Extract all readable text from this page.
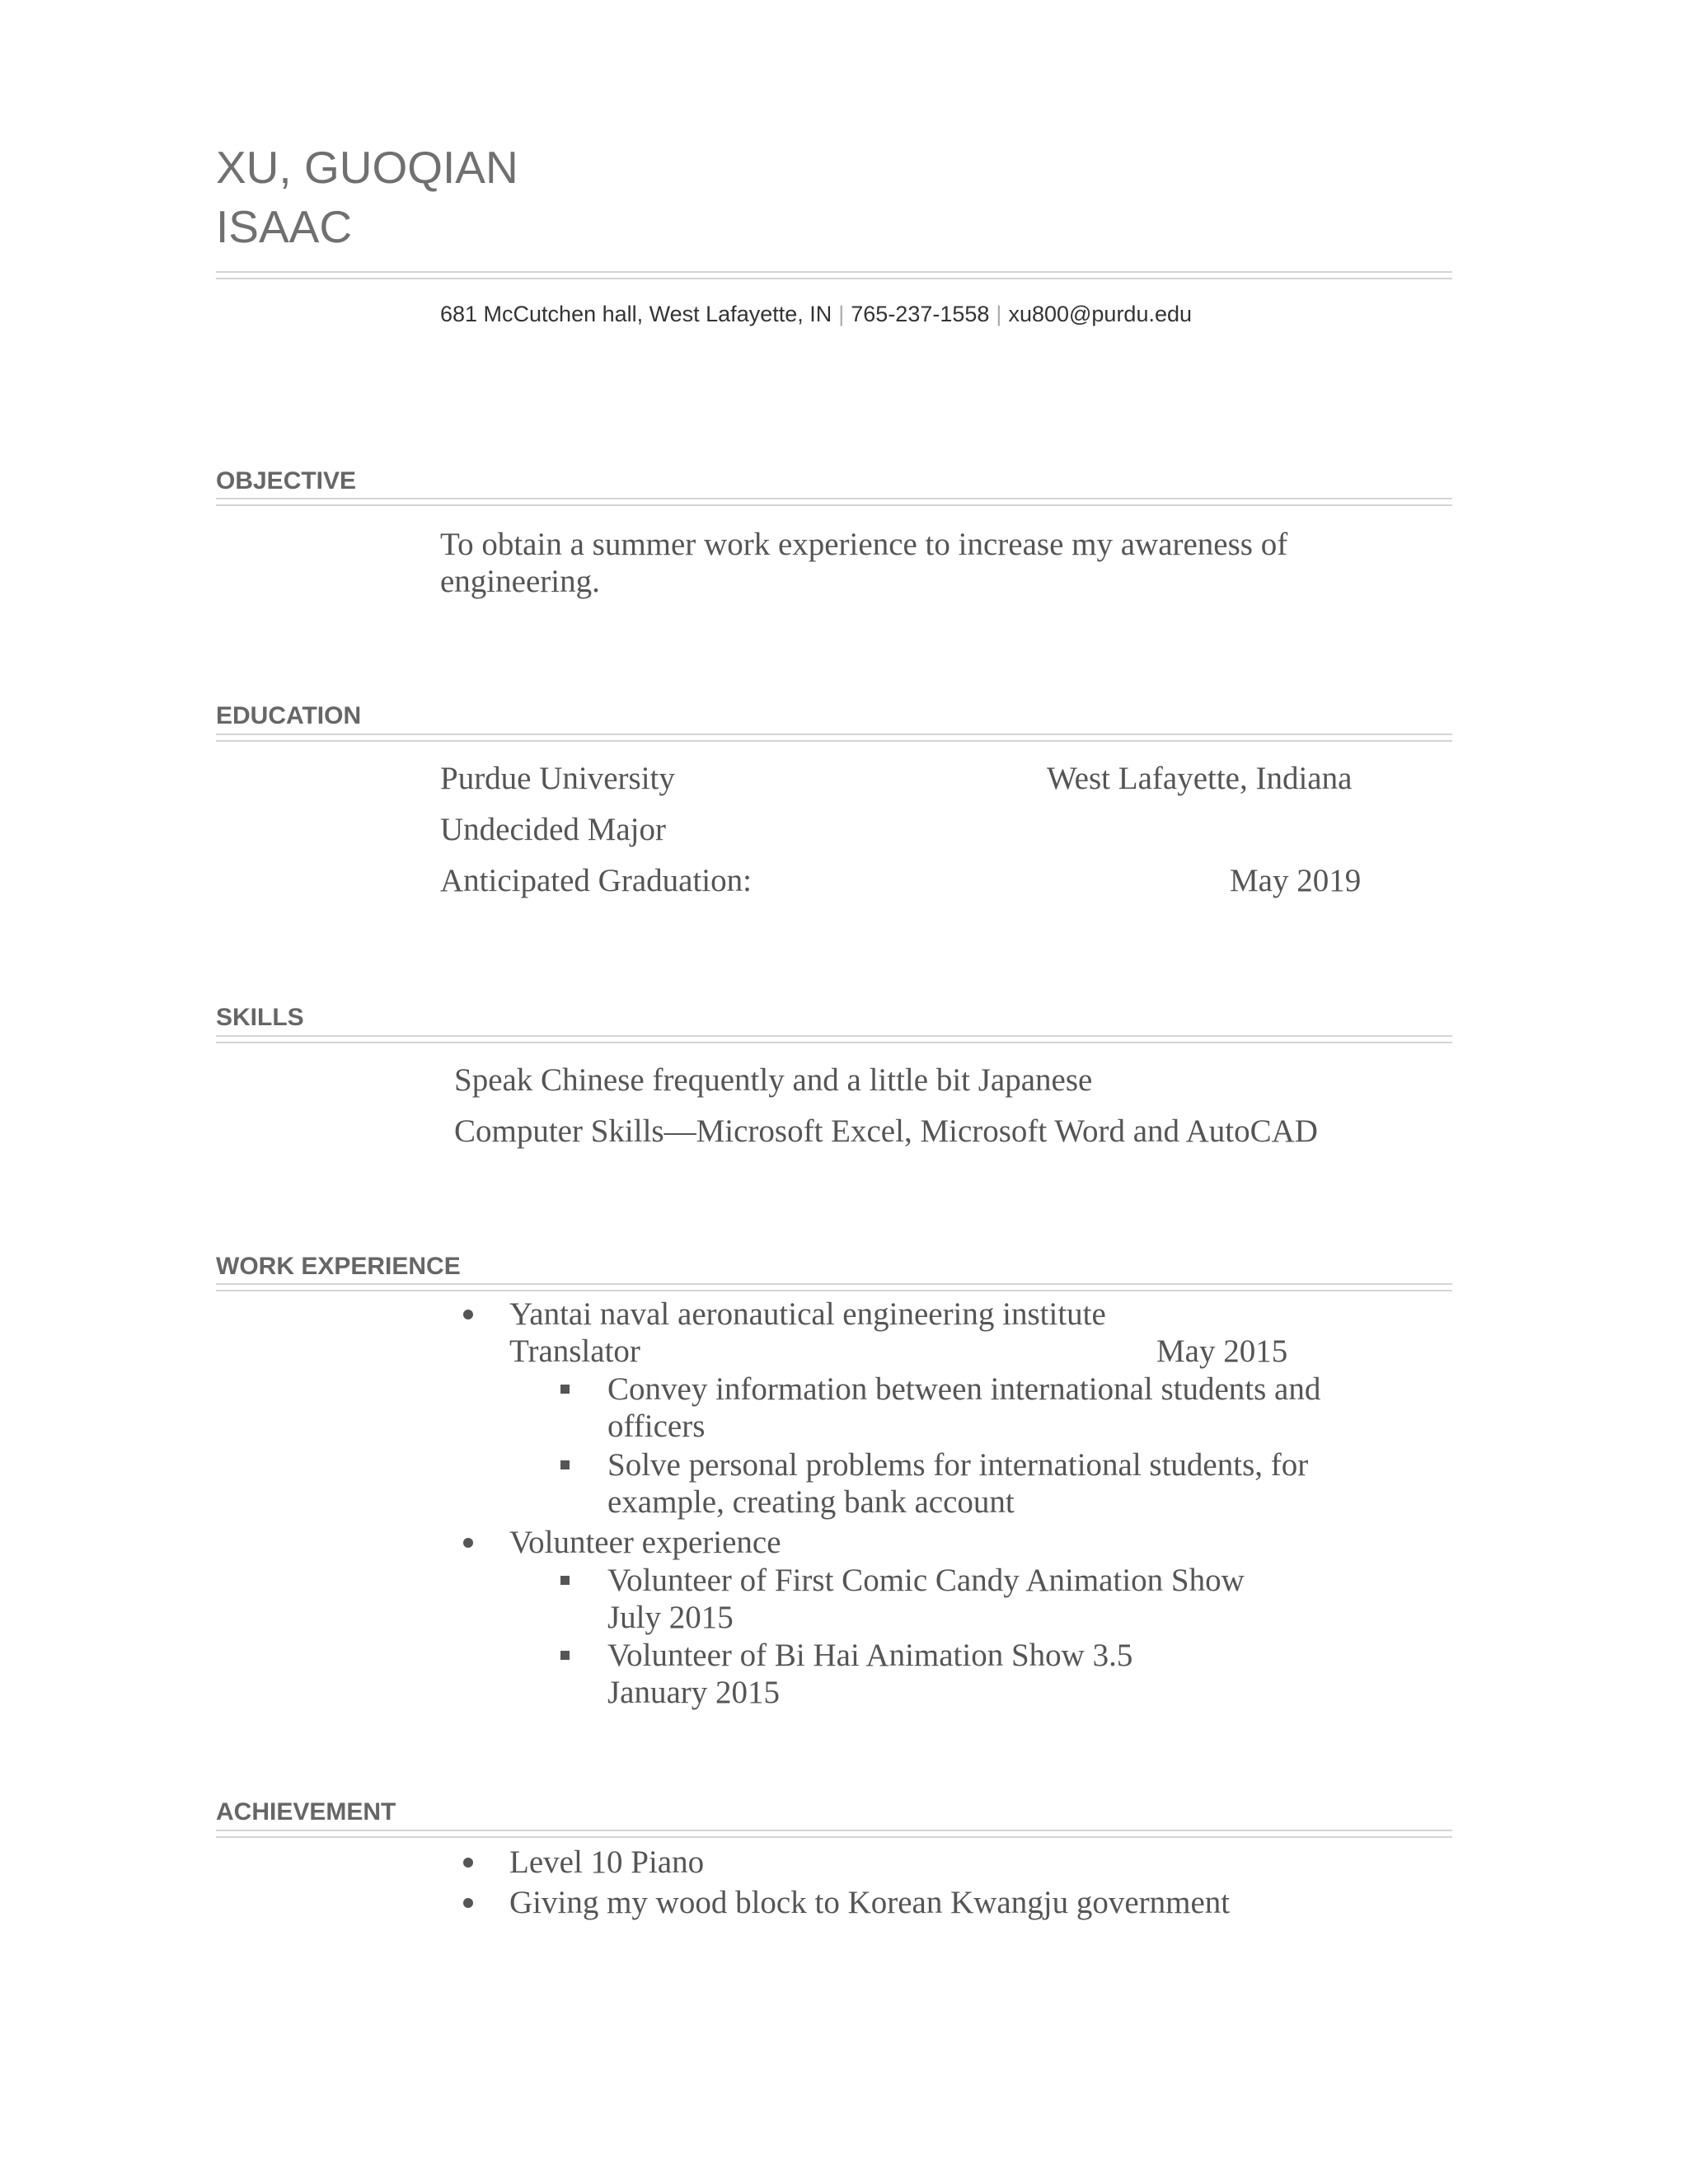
XU, GUOQIAN
ISAAC
681 McCutchen hall, West Lafayette, IN | 765-237-1558 | xu800@purdu.edu
OBJECTIVE
To obtain a summer work experience to increase my awareness of
engineering.
EDUCATION
Purdue University	West Lafayette, Indiana
Undecided Major
Anticipated Graduation:	May 2019
SKILLS
Speak Chinese frequently and a little bit Japanese
Computer Skills—Microsoft Excel, Microsoft Word and AutoCAD
WORK EXPERIENCE
Yantai naval aeronautical engineering institute
Translator	May 2015
Convey information between international students and
officers
Solve personal problems for international students, for
example, creating bank account
Volunteer experience
Volunteer of First Comic Candy Animation Show
July 2015
Volunteer of Bi Hai Animation Show 3.5
January 2015
ACHIEVEMENT
Level 10 Piano
Giving my wood block to Korean Kwangju government
